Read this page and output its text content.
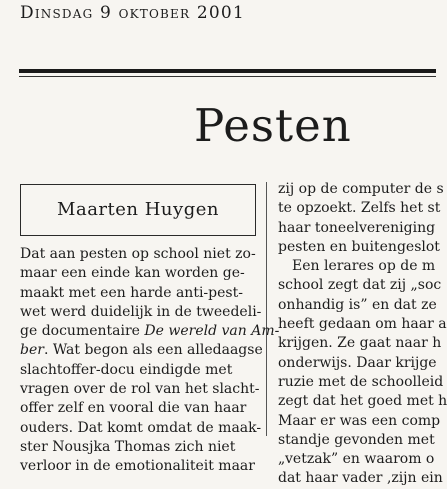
Dinsdag 9 oktober 2001
Pesten
Maarten Huygen
Dat aan pesten op school niet zo-
maar een einde kan worden ge-
maakt met een harde anti-pest-
wet werd duidelijk in de tweedeli-
ge documentaire De wereld van Am-
ber. Wat begon als een alledaagse
slachtoffer-docu eindigde met
vragen over de rol van het slacht-
offer zelf en vooral die van haar
ouders. Dat komt omdat de maak-
ster Nousjka Thomas zich niet
verloor in de emotionaliteit maar
zij op de computer de s
te opzoekt. Zelfs het st
haar toneelvereniging
pesten en buitengeslot
Een lerares op de m
school zegt dat zij „soc
onhandig is” en dat ze
heeft gedaan om haar a
krijgen. Ze gaat naar h
onderwijs. Daar krijge
ruzie met de schoolleid
zegt dat het goed met h
Maar er was een comp
standje gevonden met
„vetzak” en waarom o
dat haar vader ‚zijn ein
